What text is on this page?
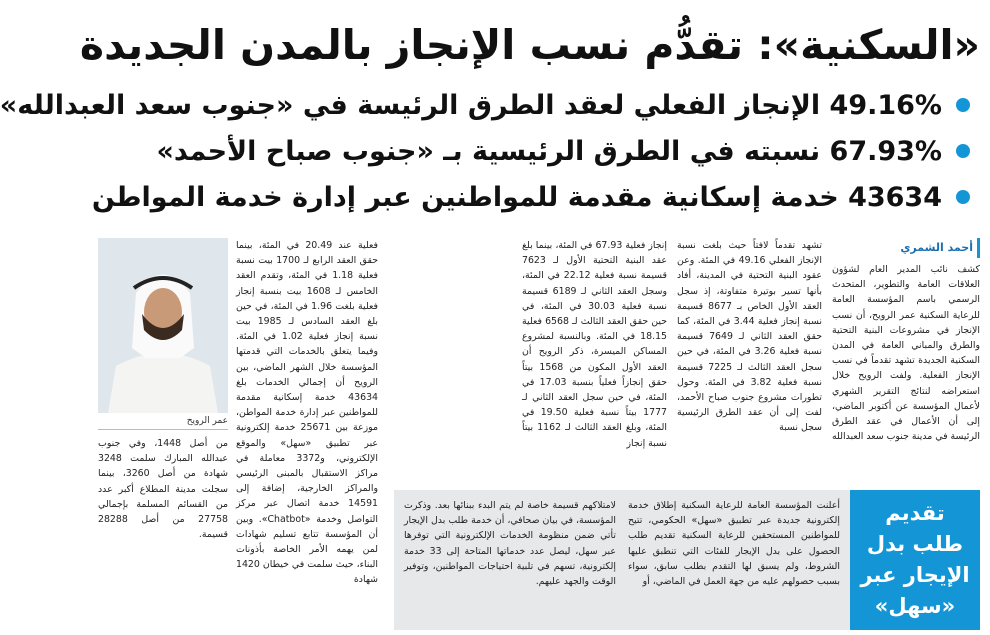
«السكنية»: تقدُّم نسب الإنجاز بالمدن الجديدة
49.16% الإنجاز الفعلي لعقد الطرق الرئيسة في «جنوب سعد العبدالله»
67.93% نسبته في الطرق الرئيسية بـ «جنوب صباح الأحمد»
43634 خدمة إسكانية مقدمة للمواطنين عبر إدارة خدمة المواطن
أحمد الشمري
كشف نائب المدير العام لشؤون العلاقات العامة والتطوير، المتحدث الرسمي باسم المؤسسة العامة للرعاية السكنية عمر الرويح، أن نسب الإنجاز في مشروعات البنية التحتية والطرق والمباني العامة في المدن السكنية الجديدة تشهد تقدماً في نسب الإنجاز الفعلية. ولفت الرويح خلال استعراضه لنتائج التقرير الشهري لأعمال المؤسسة عن أكتوبر الماضي، إلى أن الأعمال في عقد الطرق الرئيسة في مدينة جنوب سعد العبدالله
تشهد تقدماً لافتاً حيث بلغت نسبة الإنجاز الفعلي 49.16 في المئة. وعن عقود البنية التحتية في المدينة، أفاد بأنها تسير بوتيرة متفاوتة، إذ سجل العقد الأول الخاص بـ 8677 قسيمة نسبة إنجاز فعلية 3.44 في المئة، كما حقق العقد الثاني لـ 7649 قسيمة نسبة فعلية 3.26 في المئة، في حين سجل العقد الثالث لـ 7225 قسيمة نسبة فعلية 3.82 في المئة. وحول تطورات مشروع جنوب صباح الأحمد، لفت إلى أن عقد الطرق الرئيسية سجل نسبة
إنجاز فعلية 67.93 في المئة، بينما بلغ عقد البنية التحتية الأول لـ 7623 قسيمة نسبة فعلية 22.12 في المئة، وسجل العقد الثاني لـ 6189 قسيمة نسبة فعلية 30.03 في المئة، في حين حقق العقد الثالث لـ 6568 فعلية 18.15 في المئة. وبالنسبة لمشروع المساكن الميسرة، ذكر الرويح أن العقد الأول المكون من 1568 بيتاً حقق إنجازاً فعلياً بنسبة 17.03 في المئة، في حين سجل العقد الثاني لـ 1777 بيتاً نسبة فعلية 19.50 في المئة، وبلغ العقد الثالث لـ 1162 بيتاً نسبة إنجاز
فعلية عند 20.49 في المئة، بينما حقق العقد الرابع لـ 1700 بيت نسبة فعلية 1.18 في المئة، وتقدم العقد الخامس لـ 1608 بيت بنسبة إنجاز فعلية بلغت 1.96 في المئة، في حين بلغ العقد السادس لـ 1985 بيت نسبة إنجاز فعلية 1.02 في المئة. وفيما يتعلق بالخدمات التي قدمتها المؤسسة خلال الشهر الماضي، بين الرويح أن إجمالي الخدمات بلغ 43634 خدمة إسكانية مقدمة للمواطنين عبر إدارة خدمة المواطن، موزعة بين 25671 خدمة إلكترونية عبر تطبيق «سهل» والموقع الإلكتروني، و3372 معاملة في مراكز الاستقبال بالمبنى الرئيسي والمراكز الخارجية، إضافة إلى 14591 خدمة اتصال عبر مركز التواصل وخدمة «Chatbot». وبين أن المؤسسة تتابع تسليم شهادات لمن يهمه الأمر الخاصة بأذونات البناء، حيث سلمت في خيطان 1420 شهادة
عمر الرويح
من أصل 1448، وفي جنوب عبدالله المبارك سلمت 3248 شهادة من أصل 3260، بينما سجلت مدينة المطلاع أكبر عدد من القسائم المسلمة بإجمالي 27758 من أصل 28288 قسيمة.
أعلنت المؤسسة العامة للرعاية السكنية إطلاق خدمة إلكترونية جديدة عبر تطبيق «سهل» الحكومي، تتيح للمواطنين المستحقين للرعاية السكنية تقديم طلب الحصول على بدل الإيجار للفئات التي تنطبق عليها الشروط، ولم يسبق لها التقدم بطلب سابق، سواء بسبب حصولهم عليه من جهة العمل في الماضي، أو
لامتلاكهم قسيمة خاصة لم يتم البدء ببنائها بعد. وذكرت المؤسسة، في بيان صحافي، أن خدمة طلب بدل الإيجار تأتي ضمن منظومة الخدمات الإلكترونية التي توفرها عبر سهل، ليصل عدد خدماتها المتاحة إلى 33 خدمة إلكترونية، تسهم في تلبية احتياجات المواطنين، وتوفير الوقت والجهد عليهم.
تقديم طلب بدل الإيجار عبر «سهل»
